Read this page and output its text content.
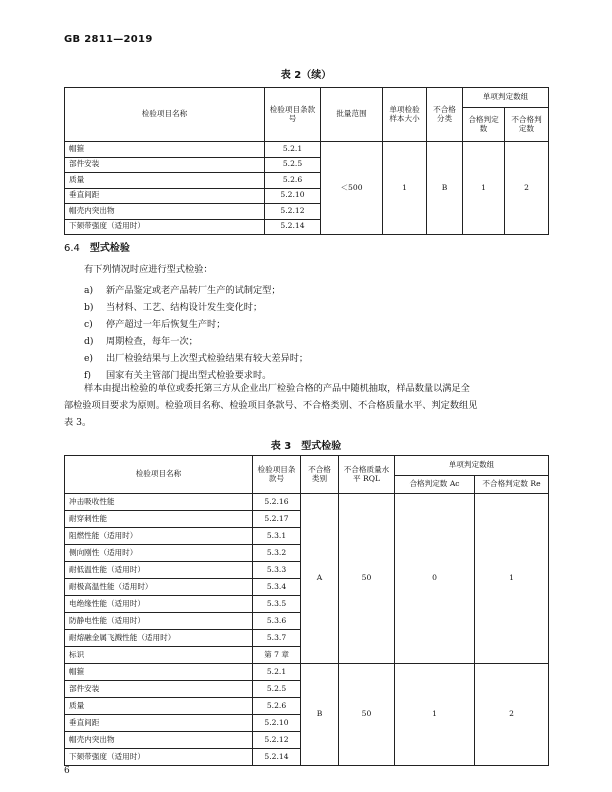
GB 2811—2019
表 2（续）
检验项目名称	检验项目条款号	批量范围	单项检验样本大小	不合格分类	单项判定数组	
					合格判定数	不合格判定数
帽箍	5.2.1	＜500	1	B	1	2
部件安装	5.2.5					
质量	5.2.6					
垂直间距	5.2.10					
帽壳内突出物	5.2.12					
下颏带强度（适用时）	5.2.14					
6.4 型式检验
有下列情况时应进行型式检验：
a) 新产品鉴定或老产品转厂生产的试制定型；
b) 当材料、工艺、结构设计发生变化时；
c) 停产超过一年后恢复生产时；
d) 周期检查，每年一次；
e) 出厂检验结果与上次型式检验结果有较大差异时；
f) 国家有关主管部门提出型式检验要求时。
样本由提出检验的单位或委托第三方从企业出厂检验合格的产品中随机抽取，样品数量以满足全
部检验项目要求为原则。检验项目名称、检验项目条款号、不合格类别、不合格质量水平、判定数组见
表 3。
表 3　型式检验
检验项目名称	检验项目条款号	不合格类别	不合格质量水平 RQL	单项判定数组	
				合格判定数 Ac	不合格判定数 Re
冲击吸收性能	5.2.16	A	50	0	1
耐穿刺性能	5.2.17				
阻燃性能（适用时）	5.3.1				
侧向刚性（适用时）	5.3.2				
耐低温性能（适用时）	5.3.3				
耐极高温性能（适用时）	5.3.4				
电绝缘性能（适用时）	5.3.5				
防静电性能（适用时）	5.3.6				
耐熔融金属飞溅性能（适用时）	5.3.7				
标识	第 7 章				
帽箍	5.2.1	B	50	1	2
部件安装	5.2.5				
质量	5.2.6				
垂直间距	5.2.10				
帽壳内突出物	5.2.12				
下颏带强度（适用时）	5.2.14				
6
